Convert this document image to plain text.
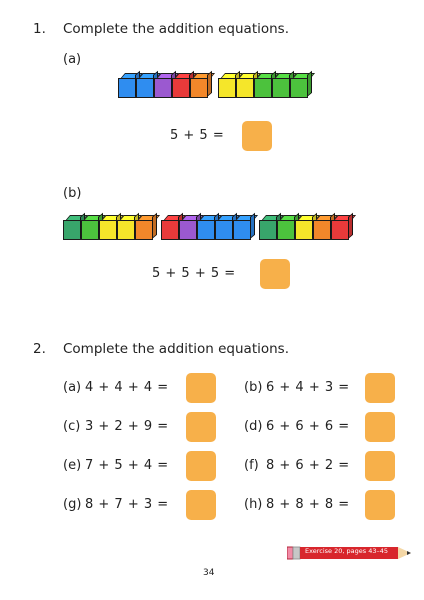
1. Complete the addition equations.
(a)
5 + 5 =
(b)
5 + 5 + 5 =
2. Complete the addition equations.
(a) 4 + 4 + 4 =	(b) 6 + 4 + 3 =
(c) 3 + 2 + 9 =	(d) 6 + 6 + 6 =
(e) 7 + 5 + 4 =	(f) 8 + 6 + 2 =
(g) 8 + 7 + 3 =	(h) 8 + 8 + 8 =
Exercise 20, pages 43–45
34
